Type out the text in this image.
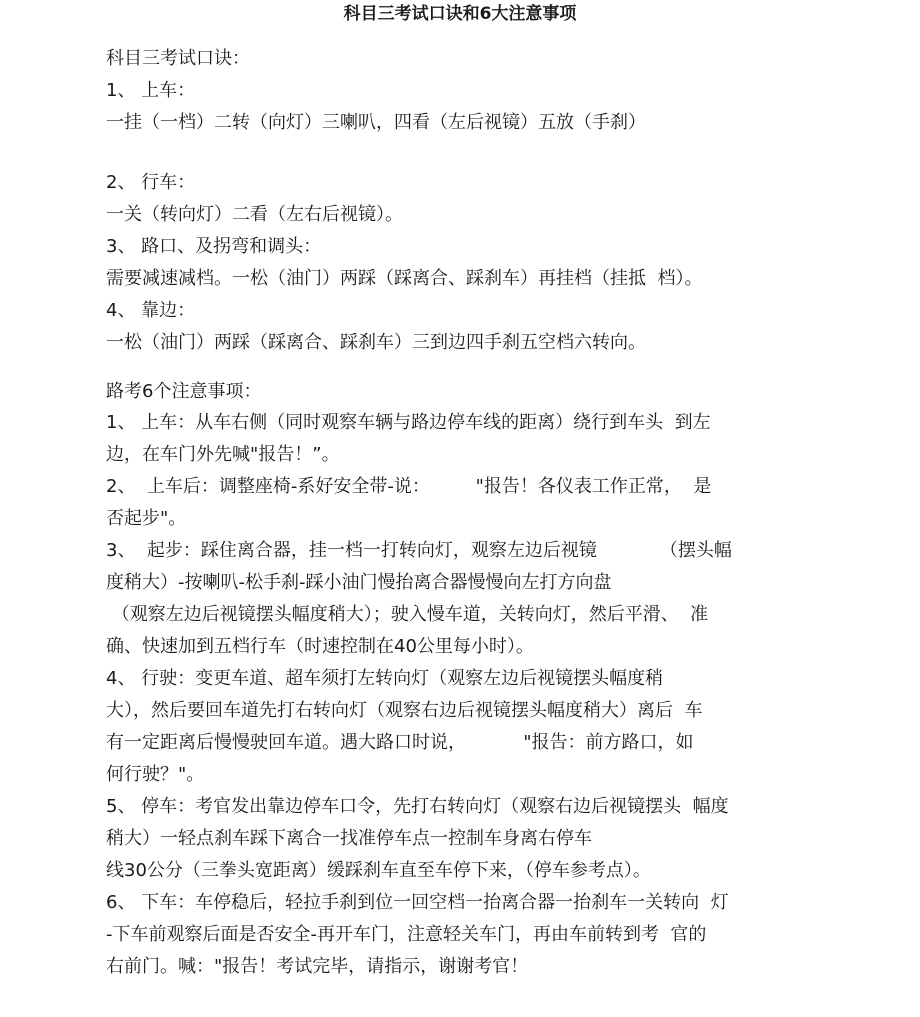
科目三考试口诀和6大注意事项
科目三考试口诀：
1、 上车：
一挂（一档）二转（向灯）三喇叭，四看（左后视镜）五放（手刹）
2、 行车：
一关（转向灯）二看（左右后视镜）。
3、 路口、及拐弯和调头：
需要减速减档。一松（油门）两踩（踩离合、踩刹车）再挂档（挂抵  档）。
4、 靠边：
一松（油门）两踩（踩离合、踩刹车）三到边四手刹五空档六转向。
路考6个注意事项：
1、 上车：从车右侧（同时观察车辆与路边停车线的距离）绕行到车头  到左
边，在车门外先喊"报告！”。
2、  上车后：调整座椅-系好安全带-说：        "报告！各仪表工作正常，  是
否起步"。
3、  起步：踩住离合器，挂一档一打转向灯，观察左边后视镜           （摆头幅
度稍大）-按喇叭-松手刹-踩小油门慢抬离合器慢慢向左打方向盘
（观察左边后视镜摆头幅度稍大）；驶入慢车道，关转向灯，然后平滑、  准
确、快速加到五档行车（时速控制在40公里每小时）。
4、 行驶：变更车道、超车须打左转向灯（观察左边后视镜摆头幅度稍
大），然后要回车道先打右转向灯（观察右边后视镜摆头幅度稍大）离后  车
有一定距离后慢慢驶回车道。遇大路口时说，          "报告：前方路口，如
何行驶？"。
5、 停车：考官发出靠边停车口令，先打右转向灯（观察右边后视镜摆头  幅度
稍大）一轻点刹车踩下离合一找准停车点一控制车身离右停车
线30公分（三拳头宽距离）缓踩刹车直至车停下来，（停车参考点）。
6、 下车：车停稳后，轻拉手刹到位一回空档一抬离合器一抬刹车一关转向  灯
-下车前观察后面是否安全-再开车门，注意轻关车门，再由车前转到考  官的
右前门。喊："报告！考试完毕，请指示，谢谢考官！
